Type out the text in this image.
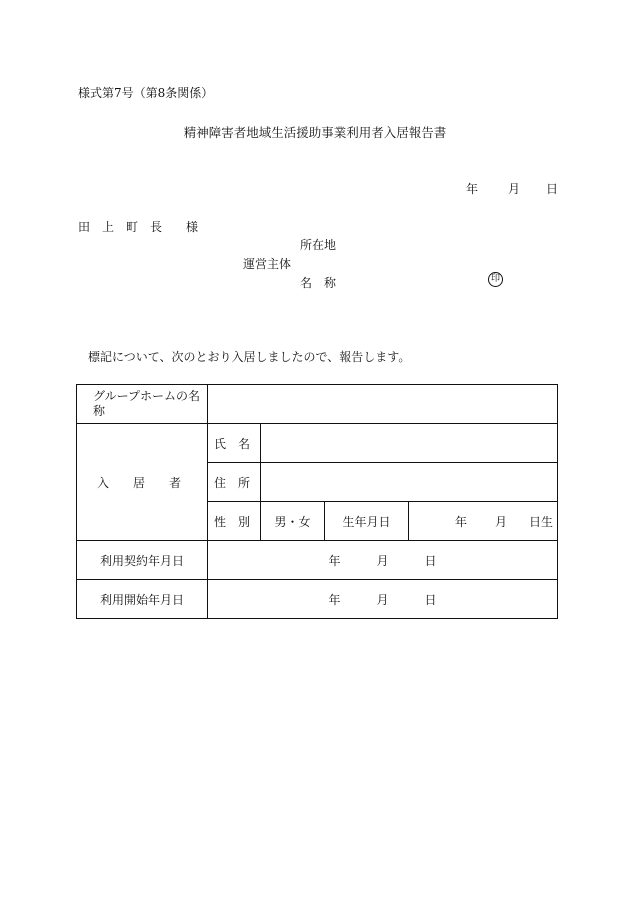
様式第7号（第8条関係）
精神障害者地域生活援助事業利用者入居報告書
年	月 日
田　上　町　長　　様
所在地
運営主体
名　称	印
標記について、次のとおり入居しましたので、報告します。
グループホームの名称				
入　　居　　者	氏　名			
	住　所			
	性　別	男・女	生年月日	年 月 日生
利用契約年月日	年 月 日			
利用開始年月日	年 月 日			
